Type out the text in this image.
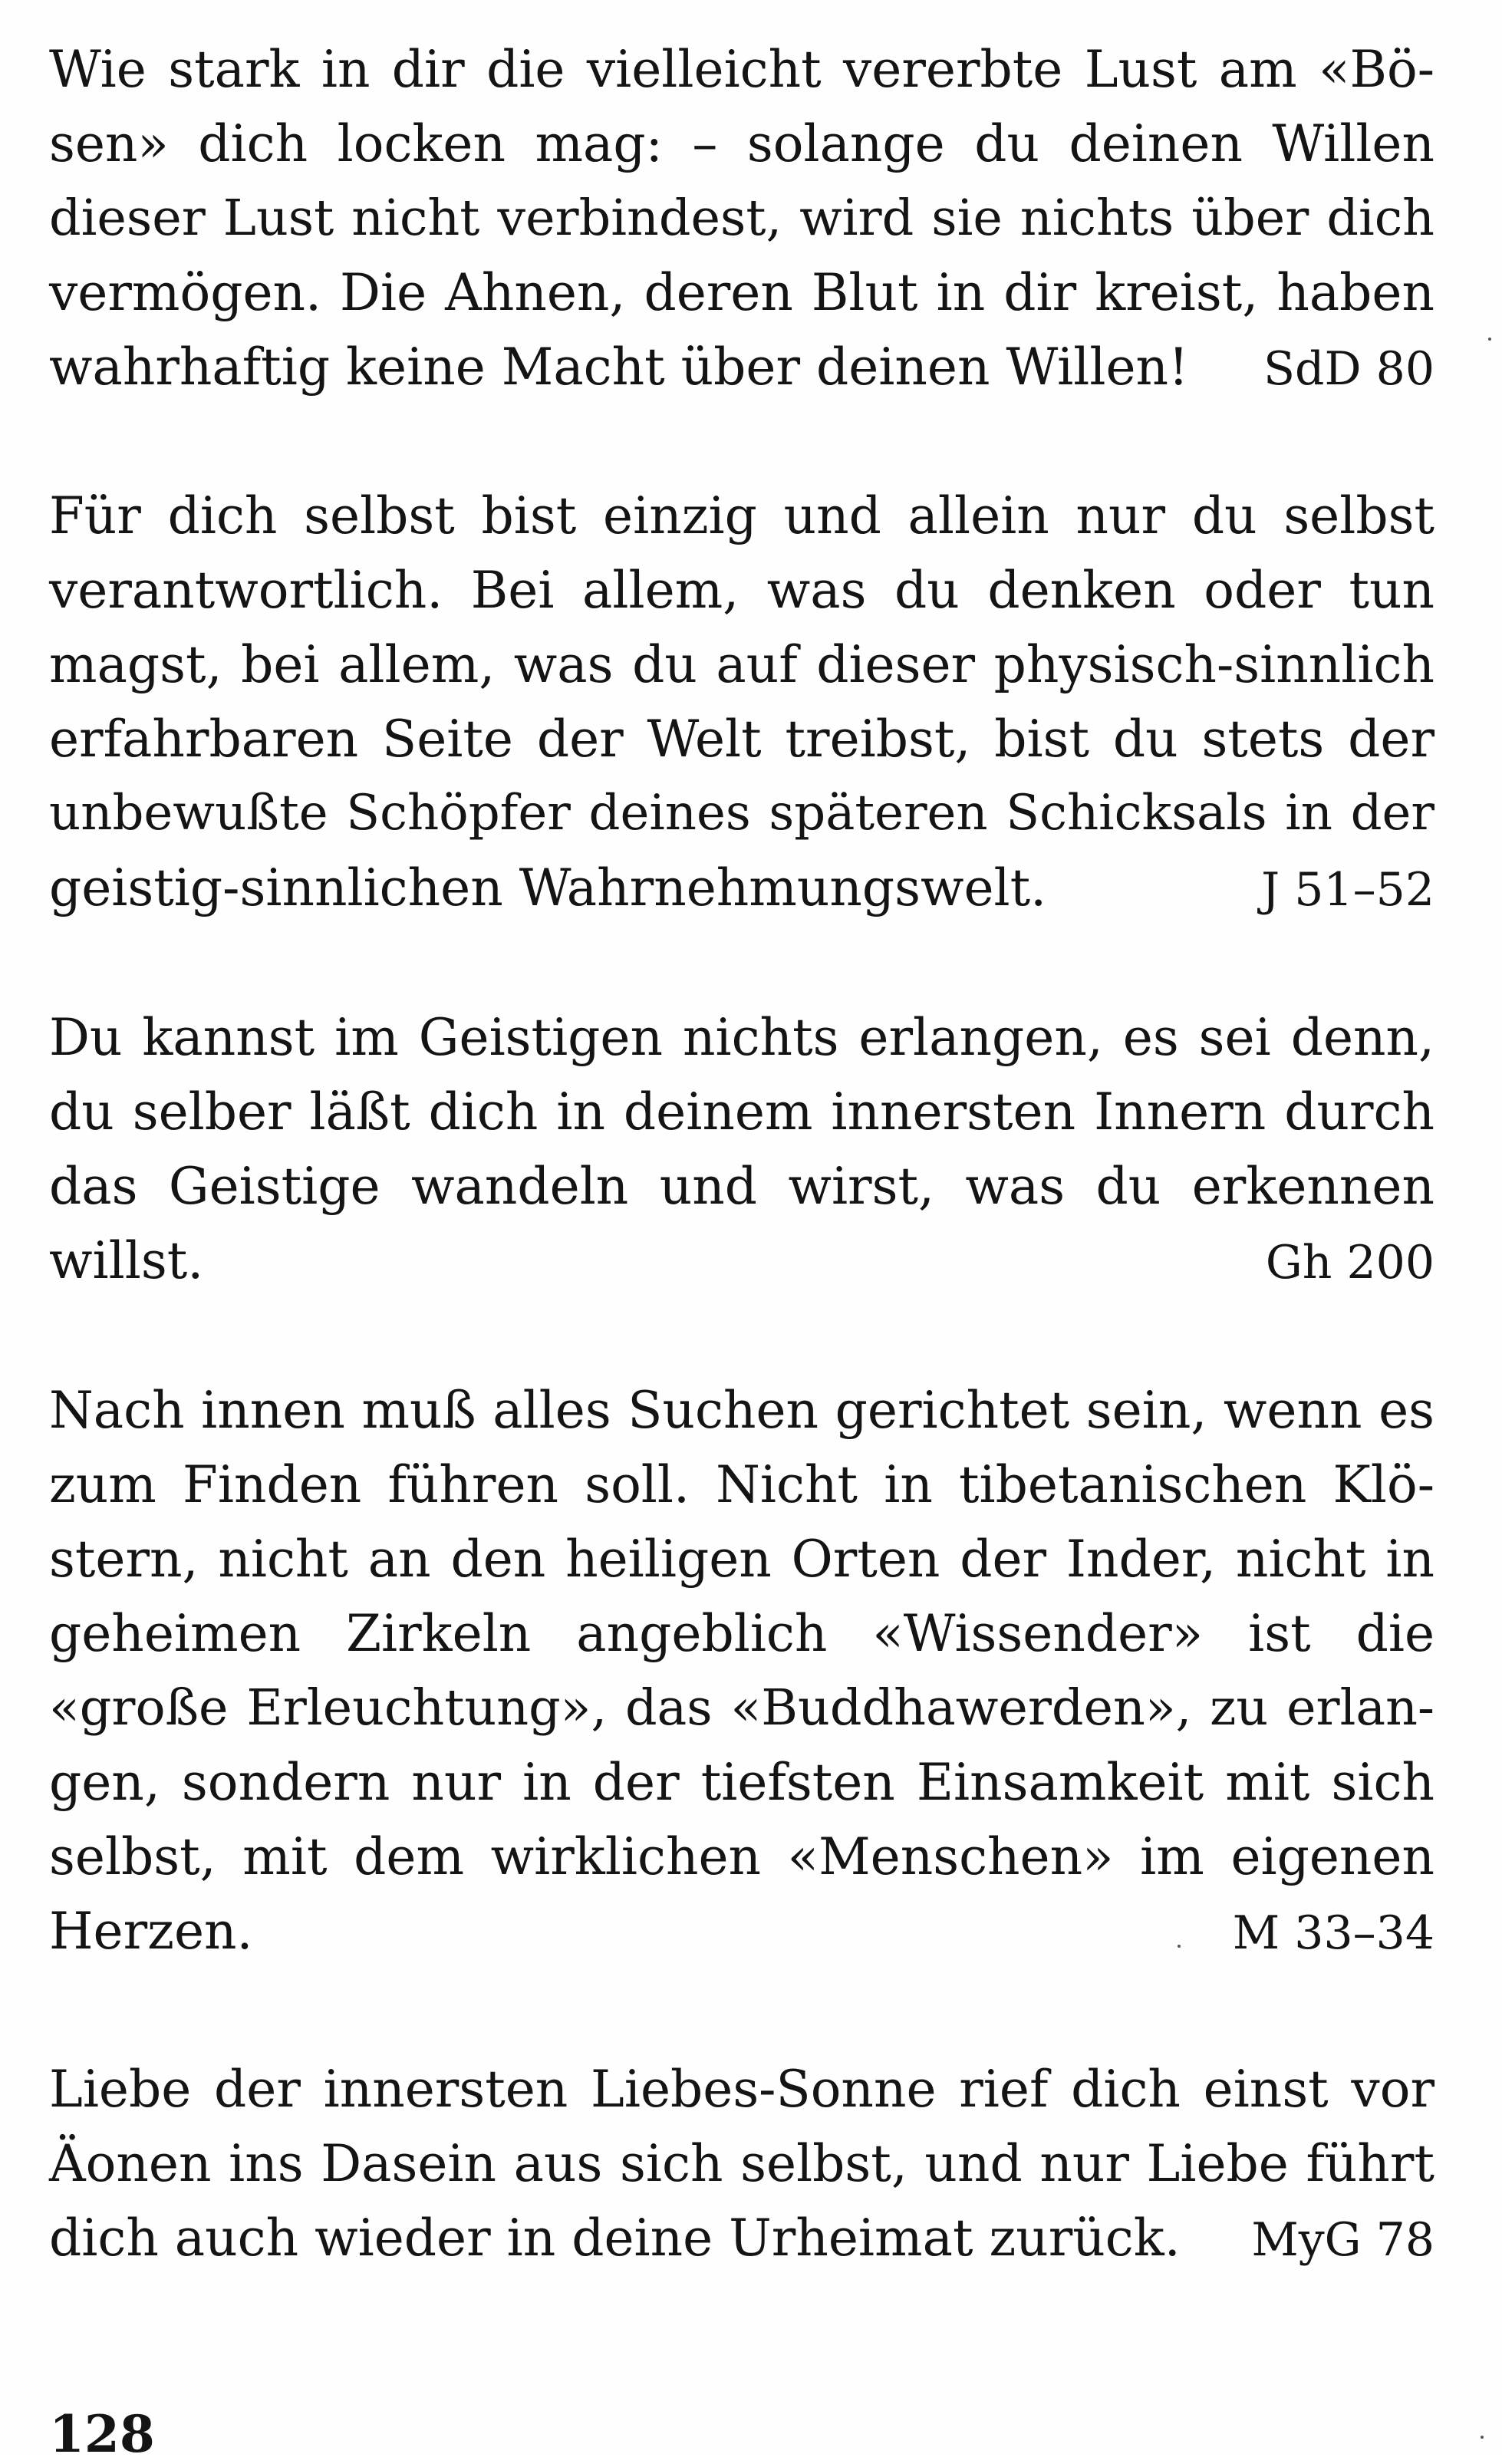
Wie stark in dir die vielleicht vererbte Lust am «Bö-
sen» dich locken mag: – solange du deinen Willen
dieser Lust nicht verbindest, wird sie nichts über dich
vermögen. Die Ahnen, deren Blut in dir kreist, haben
wahrhaftig keine Macht über deinen Willen! SdD 80
Für dich selbst bist einzig und allein nur du selbst
verantwortlich. Bei allem, was du denken oder tun
magst, bei allem, was du auf dieser physisch-sinnlich
erfahrbaren Seite der Welt treibst, bist du stets der
unbewußte Schöpfer deines späteren Schicksals in der
geistig-sinnlichen Wahrnehmungswelt.	J 51–52
Du kannst im Geistigen nichts erlangen, es sei denn,
du selber läßt dich in deinem innersten Innern durch
das Geistige wandeln und wirst, was du erkennen
willst.	Gh 200
Nach innen muß alles Suchen gerichtet sein, wenn es
zum Finden führen soll. Nicht in tibetanischen Klö-
stern, nicht an den heiligen Orten der Inder, nicht in
geheimen Zirkeln angeblich «Wissender» ist die
«große Erleuchtung», das «Buddhawerden», zu erlan-
gen, sondern nur in der tiefsten Einsamkeit mit sich
selbst, mit dem wirklichen «Menschen» im eigenen
Herzen.	M 33–34
Liebe der innersten Liebes-Sonne rief dich einst vor
Äonen ins Dasein aus sich selbst, und nur Liebe führt
dich auch wieder in deine Urheimat zurück. MyG 78
128
